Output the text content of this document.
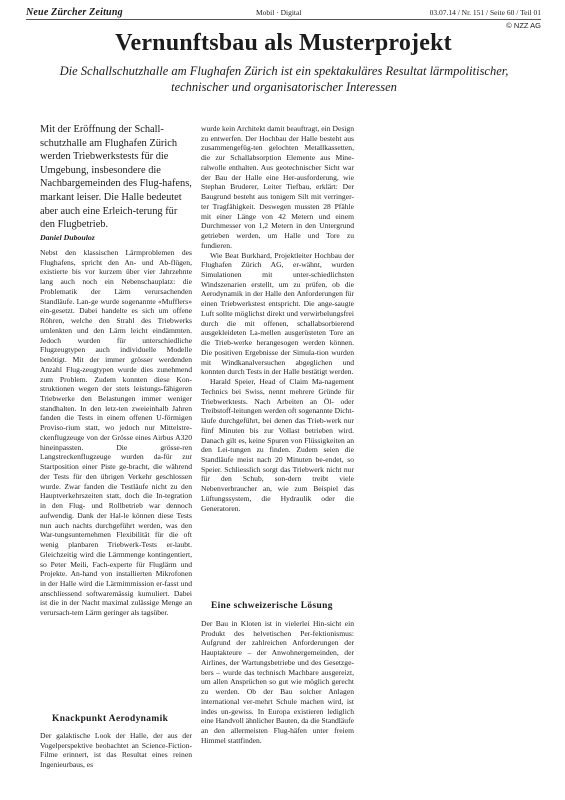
Neue Zürcher Zeitung	Mobil · Digital	03.07.14 / Nr. 151 / Seite 60 / Teil 01
© NZZ AG
Vernunftsbau als Musterprojekt
Die Schallschutzhalle am Flughafen Zürich ist ein spektakuläres Resultat lärmpolitischer, technischer und organisatorischer Interessen
Mit der Eröffnung der Schall-schutzhalle am Flughafen Zürich werden Triebwerkstests für die Umgebung, insbesondere die Nachbargemeinden des Flug-hafens, markant leiser. Die Halle bedeutet aber auch eine Erleich-terung für den Flugbetrieb.
Daniel Dubouloz

Nebst den klassischen Lärmproblemen des Flughafens, spricht den An- und Ab-flügen, existierte bis vor kurzem über vier Jahrzehnte lang auch noch ein Nebenschauplatz: die Problematik der Lärm verursachenden Standläufe. Lan-ge wurde sogenannte «Mufflers» ein-gesetzt. Dabei handelte es sich um offene Röhren, welche den Strahl des Triebwerks umlenkten und den Lärm leicht eindämmten. Jedoch wurden für unterschiedliche Flugzeugtypen auch individuelle Modelle benötigt. Mit der immer grösser werdenden Anzahl Flug-zeugtypen wurde dies zunehmend zum Problem. Zudem konnten diese Kon-struktionen wegen der stets leistungs-fähigeren Triebwerke den Belastungen immer weniger standhalten. In den letz-ten zweieinhalb Jahren fanden die Tests in einem offenen U-förmigen Proviso-rium statt, wo jedoch nur Mittelstre-ckenflugzeuge von der Grösse eines Airbus A320 hineinpassten. Die grösse-ren Langstreckenflugzeuge wurden da-für zur Startposition einer Piste ge-bracht, die während der Tests für den übrigen Verkehr geschlossen wurde. Zwar fanden die Testläufe nicht zu den Hauptverkehrszeiten statt, doch die In-tegration in den Flug- und Rollbetrieb war dennoch aufwendig. Dank der Hal-le können diese Tests nun auch nachts durchgeführt werden, was den War-tungsunternehmen Flexibilität für die oft wenig planbaren Triebwerk-Tests er-laubt. Gleichzeitig wird die Lärmmenge kontingentiert, so Peter Meili, Fach-experte für Fluglärm und Projekte. An-hand von installierten Mikrofonen in der Halle wird die Lärmimmission er-fasst und anschliessend softwaremässig kumuliert. Dabei ist die in der Nacht maximal zulässige Menge an verursach-tem Lärm geringer als tagsüber.

Knackpunkt Aerodynamik

Der galaktische Look der Halle, der aus der Vogelperspektive beobachtet an Science-Fiction-Filme erinnert, ist das Resultat eines reinen Ingenieurbaus, es

wurde kein Architekt damit beauftragt, ein Design zu entwerfen. Der Hochbau der Halle besteht aus zusammengefüg-ten gelochten Metallkassetten, die zur Schallabsorption Elemente aus Mine-ralwolle enthalten. Aus geotechnischer Sicht war der Bau der Halle eine Her-ausforderung, wie Stephan Bruderer, Leiter Tiefbau, erklärt: Der Baugrund besteht aus tonigem Silt mit verringer-ter Tragfähigkeit. Deswegen mussten 28 Pfähle mit einer Länge von 42 Metern und einem Durchmesser von 1,2 Metern in den Untergrund getrieben werden, um Halle und Tore zu fundieren.

Wie Beat Burkhard, Projektleiter Hochbau der Flughafen Zürich AG, er-wähnt, wurden Simulationen mit unter-schiedlichsten Windszenarien erstellt, um zu prüfen, ob die Aerodynamik in der Halle den Anforderungen für einen Triebwerkstest entspricht. Die ange-saugte Luft sollte möglichst direkt und verwirbelungsfrei durch die mit offenen, schallabsorbierend ausgekleideten La-mellen ausgerüsteten Tore an die Trieb-werke herangesogen werden können. Die positiven Ergebnisse der Simula-tion wurden mit Windkanalversuchen abgeglichen und konnten durch Tests in der Halle bestätigt werden.

Harald Speier, Head of Claim Ma-nagement Technics bei Swiss, nennt mehrere Gründe für Triebwerktests. Nach Arbeiten an Öl- oder Treibstoff-leitungen werden oft sogenannte Dicht-läufe durchgeführt, bei denen das Trieb-werk nur fünf Minuten bis zur Vollast betrieben wird. Danach gilt es, keine Spuren von Flüssigkeiten an den Lei-tungen zu finden. Zudem seien die Standläufe meist nach 20 Minuten be-endet, so Speier. Schliesslich sorgt das Triebwerk nicht nur für den Schub, son-dern treibt viele Nebenverbraucher an, wie zum Beispiel das Lüftungssystem, die Hydraulik oder die Generatoren.

Eine schweizerische Lösung

Der Bau in Kloten ist in vielerlei Hin-sicht ein Produkt des helvetischen Per-fektionismus: Aufgrund der zahlreichen Anforderungen der Hauptakteure – der Anwohnergemeinden, der Airlines, der Wartungsbetriebe und des Gesetzge-bers – wurde das technisch Machbare ausgereizt, um allen Ansprüchen so gut wie möglich gerecht zu werden. Ob der Bau solcher Anlagen international ver-mehrt Schule machen wird, ist indes un-gewiss. In Europa existieren lediglich eine Handvoll ähnlicher Bauten, da die Standläufe an den allermeisten Flug-häfen unter freiem Himmel stattfinden.
